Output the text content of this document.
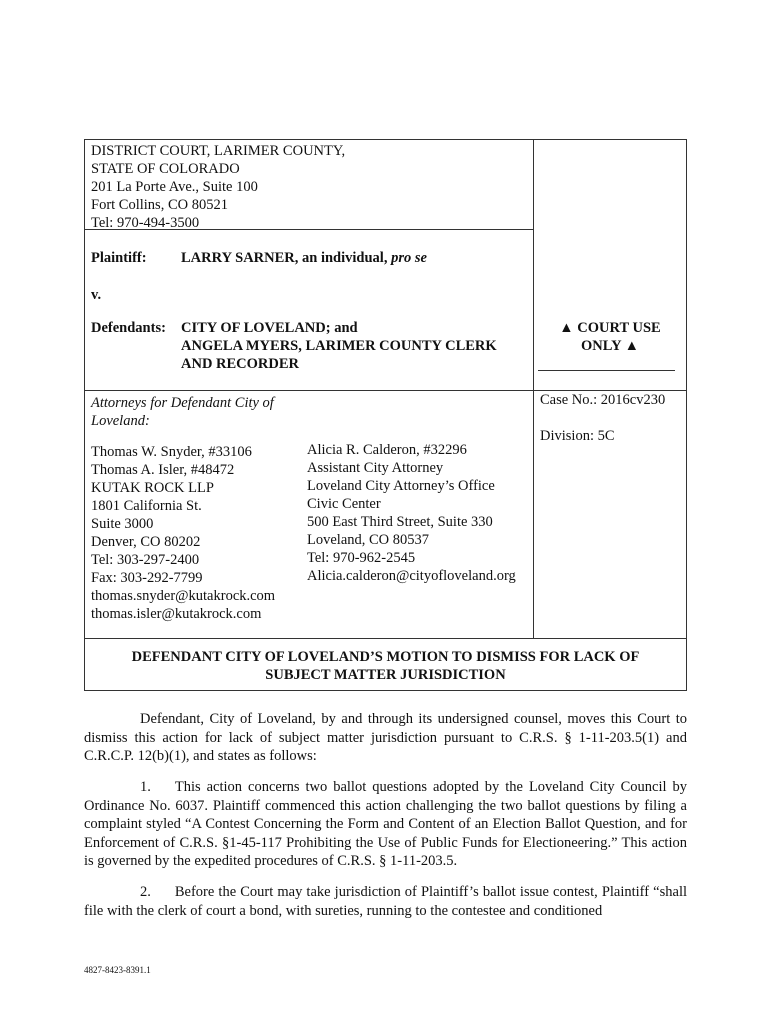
DISTRICT COURT, LARIMER COUNTY,
STATE OF COLORADO
201 La Porte Ave., Suite 100
Fort Collins, CO 80521
Tel: 970-494-3500
Plaintiff: LARRY SARNER, an individual, pro se
v.
Defendants: CITY OF LOVELAND; and
ANGELA MYERS, LARIMER COUNTY CLERK
AND RECORDER
▲ COURT USE
ONLY ▲
Attorneys for Defendant City of
Loveland:
Thomas W. Snyder, #33106
Thomas A. Isler, #48472
KUTAK ROCK LLP
1801 California St.
Suite 3000
Denver, CO 80202
Tel: 303-297-2400
Fax: 303-292-7799
thomas.snyder@kutakrock.com
thomas.isler@kutakrock.com
Alicia R. Calderon, #32296
Assistant City Attorney
Loveland City Attorney’s Office
Civic Center
500 East Third Street, Suite 330
Loveland, CO 80537
Tel: 970-962-2545
Alicia.calderon@cityofloveland.org
Case No.: 2016cv230
Division: 5C
DEFENDANT CITY OF LOVELAND’S MOTION TO DISMISS FOR LACK OF
SUBJECT MATTER JURISDICTION
Defendant, City of Loveland, by and through its undersigned counsel, moves this Court to dismiss this action for lack of subject matter jurisdiction pursuant to C.R.S. § 1-11-203.5(1) and C.R.C.P. 12(b)(1), and states as follows:
1. This action concerns two ballot questions adopted by the Loveland City Council by Ordinance No. 6037. Plaintiff commenced this action challenging the two ballot questions by filing a complaint styled “A Contest Concerning the Form and Content of an Election Ballot Question, and for Enforcement of C.R.S. §1-45-117 Prohibiting the Use of Public Funds for Electioneering.” This action is governed by the expedited procedures of C.R.S. § 1-11-203.5.
2. Before the Court may take jurisdiction of Plaintiff’s ballot issue contest, Plaintiff “shall file with the clerk of court a bond, with sureties, running to the contestee and conditioned
4827-8423-8391.1
